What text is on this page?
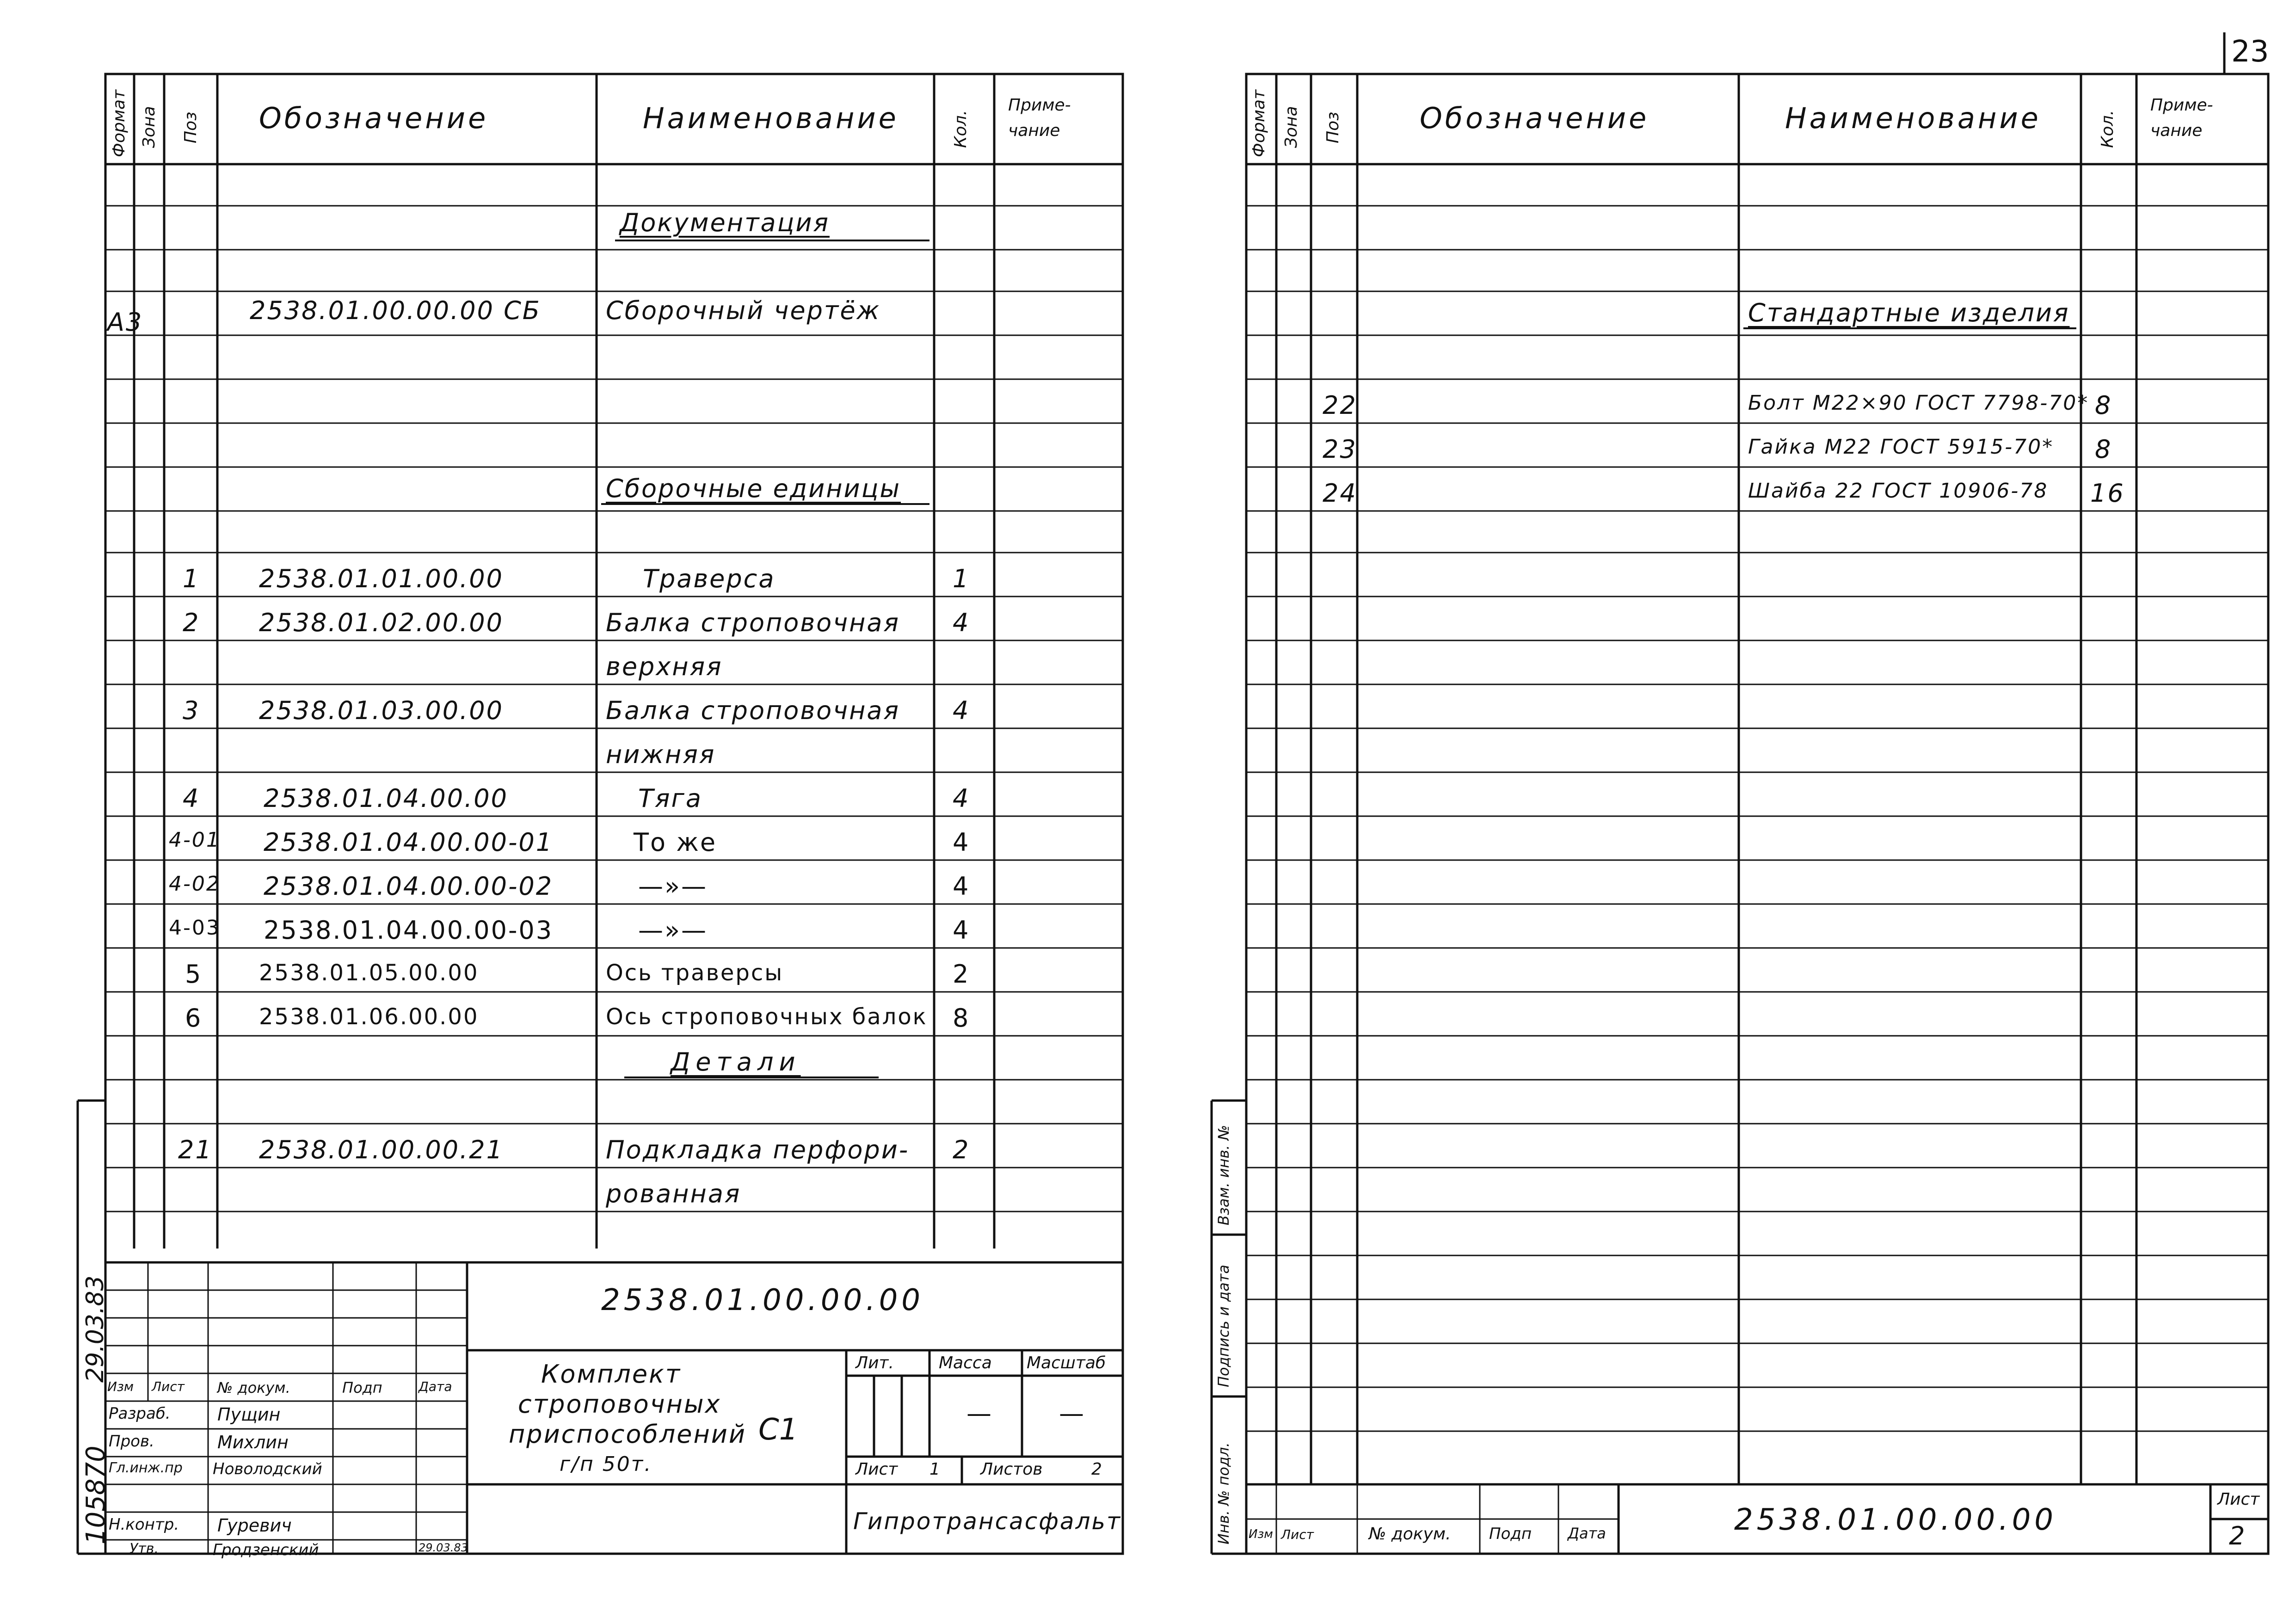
23
Формат Зона Поз Обозначение	Наименование	Кол.
Приме-
чание
Документация
А3	2538.01.00.00.00 СБ	Сборочный чертёж
Сборочные единицы
1 2538.01.01.00.00	Траверса	1
2 2538.01.02.00.00	Балка строповочная 4
верхняя
3 2538.01.03.00.00	Балка строповочная 4
нижняя
4	2538.01.04.00.00	Тяга	4
4-01 2538.01.04.00.00-01	То же	4
4-02 2538.01.04.00.00-02	—»—	4
4-03 2538.01.04.00.00-03	—»—	4
5	2538.01.05.00.00	Ось траверсы	2
6	2538.01.06.00.00	Ось строповочных балок 8
Детали
21 2538.01.00.00.21	Подкладка перфори- 2
рованная
2538.01.00.00.00
Комплект
строповочных
приспособлений С1
г/п 50т.
Лит.	Масса Масштаб
—	—
Лист 1 Листов	2
Гипротрансасфальт
Изм Лист № докум.	Подп	Дата
Разраб.	Пущин
Пров.	Михлин
Гл.инж.пр Новолодский
Н.контр. Гуревич
Утв.	Гродзенский	29.03.83
105870
29.03.83
Формат Зона Поз	Обозначение	Наименование	Кол.
Приме-
чание
Стандартные изделия
22	Болт М22×90 ГОСТ 7798-70* 8
23	Гайка М22 ГОСТ 5915-70* 8
24	Шайба 22 ГОСТ 10906-78 16
2538.01.00.00.00
Лист
2
Изм Лист	№ докум. Подп Дата
Инв. № подл.
Подпись и дата
Взам. инв. №
